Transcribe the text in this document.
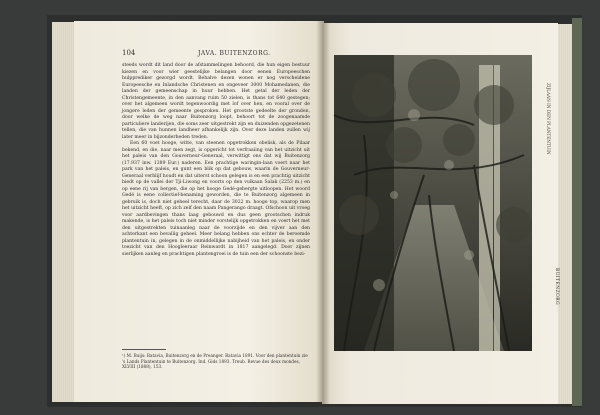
104	JAVA. BUITENZORG.

steeds wordt dit land door de afstammelingen behoord, die hun eigen bestuur kiezen en voor wier geestelijke belangen door eenen Europeeschen hulpprediker gezorgd wordt. Behalve dezen wonen er nog verscheidene Europeesche en Inlandsche Christenen en ongeveer 3000 Mohamedanen, die landen der gemeenschap in huur hebben. Het getal der leden der Christengemeente, in den aanvang ruim 50 zielen, is thans tot 640 gestegen; over het algemeen wordt tegenwoordig met lof over hen, en vooral over de jongere leden der gemeente gesproken. Het grootste gedeelte der gronden, door welke de weg naar Buitenzorg loopt, behoort tot de zoogenaamde particuliere landerijen, die soms zeer uitgestrekt zijn en duizenden opgezetenen tellen, die van hunnen landheer afhankelijk zijn. Over deze landen zullen wij later meer in bijzonderheden treden.

Een 60 voet hooge, witte, van steenen opgetrokken obelisk, als de Pilaar bekend, en die, naar men zegt, is opgericht tot verfraaiing van het uitzicht uit het paleis van den Gouverneur-Generaal, verwittigt ons dat wij Buitenzorg (17.937 inw. 1389 Eur.) naderen. Een prachtige waringin-laan voert naar het park van het paleis, en gunt een blik op dat gebouw, waarin de Gouverneur-Generaal verblijf houdt en dat uiterst schoon gelegen is en een prachtig uitzicht biedt op de vallei der Tji-Liwong en voorts op den vulkaan Salak (2253 m.) en op eene rij van bergen, die op het hooge Gedé-gebergte uitloopen. Het woord Gedé is eene collectief-benaming geworden, die te Buitenzorg algemeen in gebruik is, doch niet geheel terecht, daar de 3022 m. hooge top, waarop men het uitzicht heeft, op zich zelf den naam Pangerango draagt. Ofschoon uit vroeg voor aardbevingen thans laag gebouwd en dus geen grootschen indruk makende, is het paleis toch niet minder vorstelijk opgetrokken en voert het met den uitgestrekten tuinaanleg naar de voorzijde en den vijver aan den achterkant een bevallig geheel. Meer belang hebben ons echter de beroemde plantentuin in, gelegen in de onmiddellijke nabijheid van het paleis, en onder toezicht van den Hoogleeraar Reinwardt in 1817 aangelegd. Door zijnen sierlijken aanleg en prachtigen plantengroei is de tuin een der schoonste bezi-

¹) M. Buijs: Batavia, Buitenzorg en de Preanger. Batavia 1891. Voor den plantentuin zie 's Lands Plantentuin te Buitenzorg. Ind. Gids 1893. Treub. Revue des deux mondes, XLVIII (1888), 153.
ZIJLAAN IN DEN PLANTENTUIN
BUITENZORG
